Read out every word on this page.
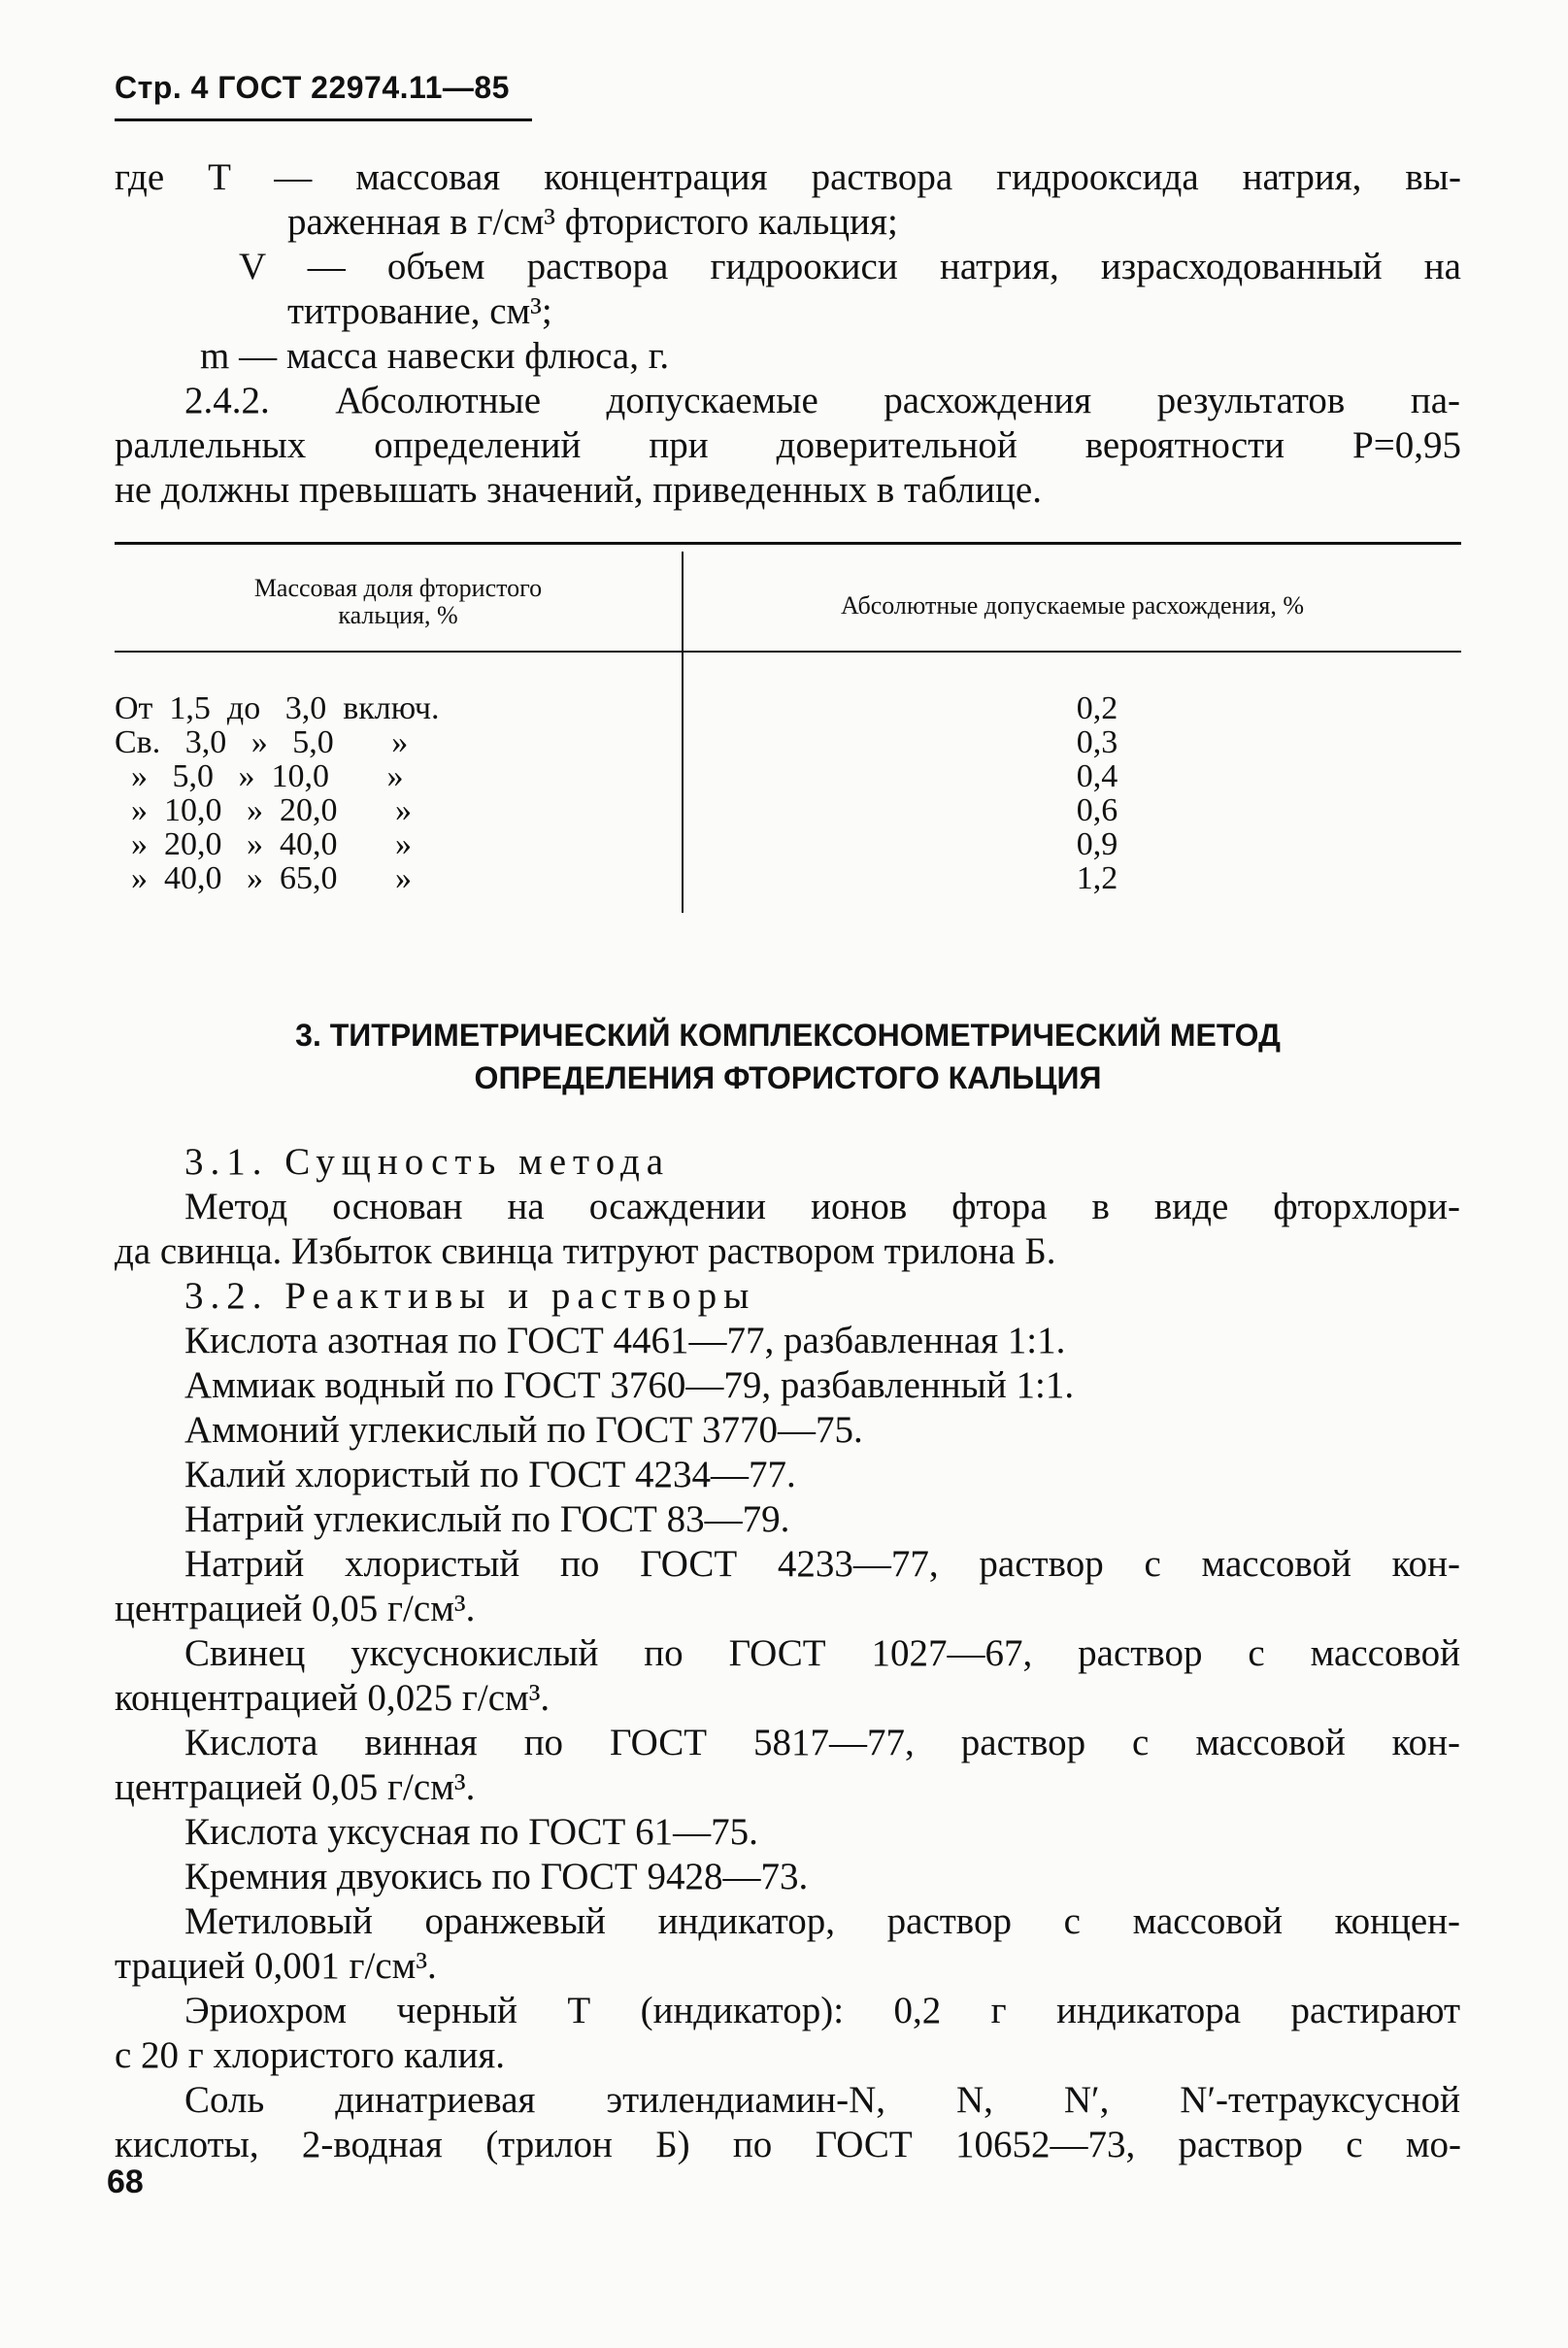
Стр. 4 ГОСТ 22974.11—85
где T — массовая концентрация раствора гидрооксида натрия, вы-
раженная в г/см³ фтористого кальция;
V — объем раствора гидроокиси натрия, израсходованный на
титрование, см³;
m — масса навески флюса, г.
2.4.2. Абсолютные допускаемые расхождения результатов па-
раллельных определений при доверительной вероятности P=0,95
не должны превышать значений, приведенных в таблице.
Массовая доля фтористого
кальция, %	Абсолютные допускаемые расхождения, %
От  1,5  до   3,0  включ.	0,2
Св.   3,0   »   5,0       »	0,3
»   5,0   »  10,0       »	0,4
»  10,0   »  20,0       »	0,6
»  20,0   »  40,0       »	0,9
»  40,0   »  65,0       »	1,2
3. ТИТРИМЕТРИЧЕСКИЙ КОМПЛЕКСОНОМЕТРИЧЕСКИЙ МЕТОД
ОПРЕДЕЛЕНИЯ ФТОРИСТОГО КАЛЬЦИЯ
3.1. Сущность метода
Метод основан на осаждении ионов фтора в виде фторхлори-
да свинца. Избыток свинца титруют раствором трилона Б.
3.2. Реактивы и растворы
Кислота азотная по ГОСТ 4461—77, разбавленная 1:1.
Аммиак водный по ГОСТ 3760—79, разбавленный 1:1.
Аммоний углекислый по ГОСТ 3770—75.
Калий хлористый по ГОСТ 4234—77.
Натрий углекислый по ГОСТ 83—79.
Натрий хлористый по ГОСТ 4233—77, раствор с массовой кон-
центрацией 0,05 г/см³.
Свинец уксуснокислый по ГОСТ 1027—67, раствор с массовой
концентрацией 0,025 г/см³.
Кислота винная по ГОСТ 5817—77, раствор с массовой кон-
центрацией 0,05 г/см³.
Кислота уксусная по ГОСТ 61—75.
Кремния двуокись по ГОСТ 9428—73.
Метиловый оранжевый индикатор, раствор с массовой концен-
трацией 0,001 г/см³.
Эриохром черный Т (индикатор): 0,2 г индикатора растирают
с 20 г хлористого калия.
Соль динатриевая этилендиамин-N, N, N′, N′-тетрауксусной
кислоты, 2-водная (трилон Б) по ГОСТ 10652—73, раствор с мо-
68
